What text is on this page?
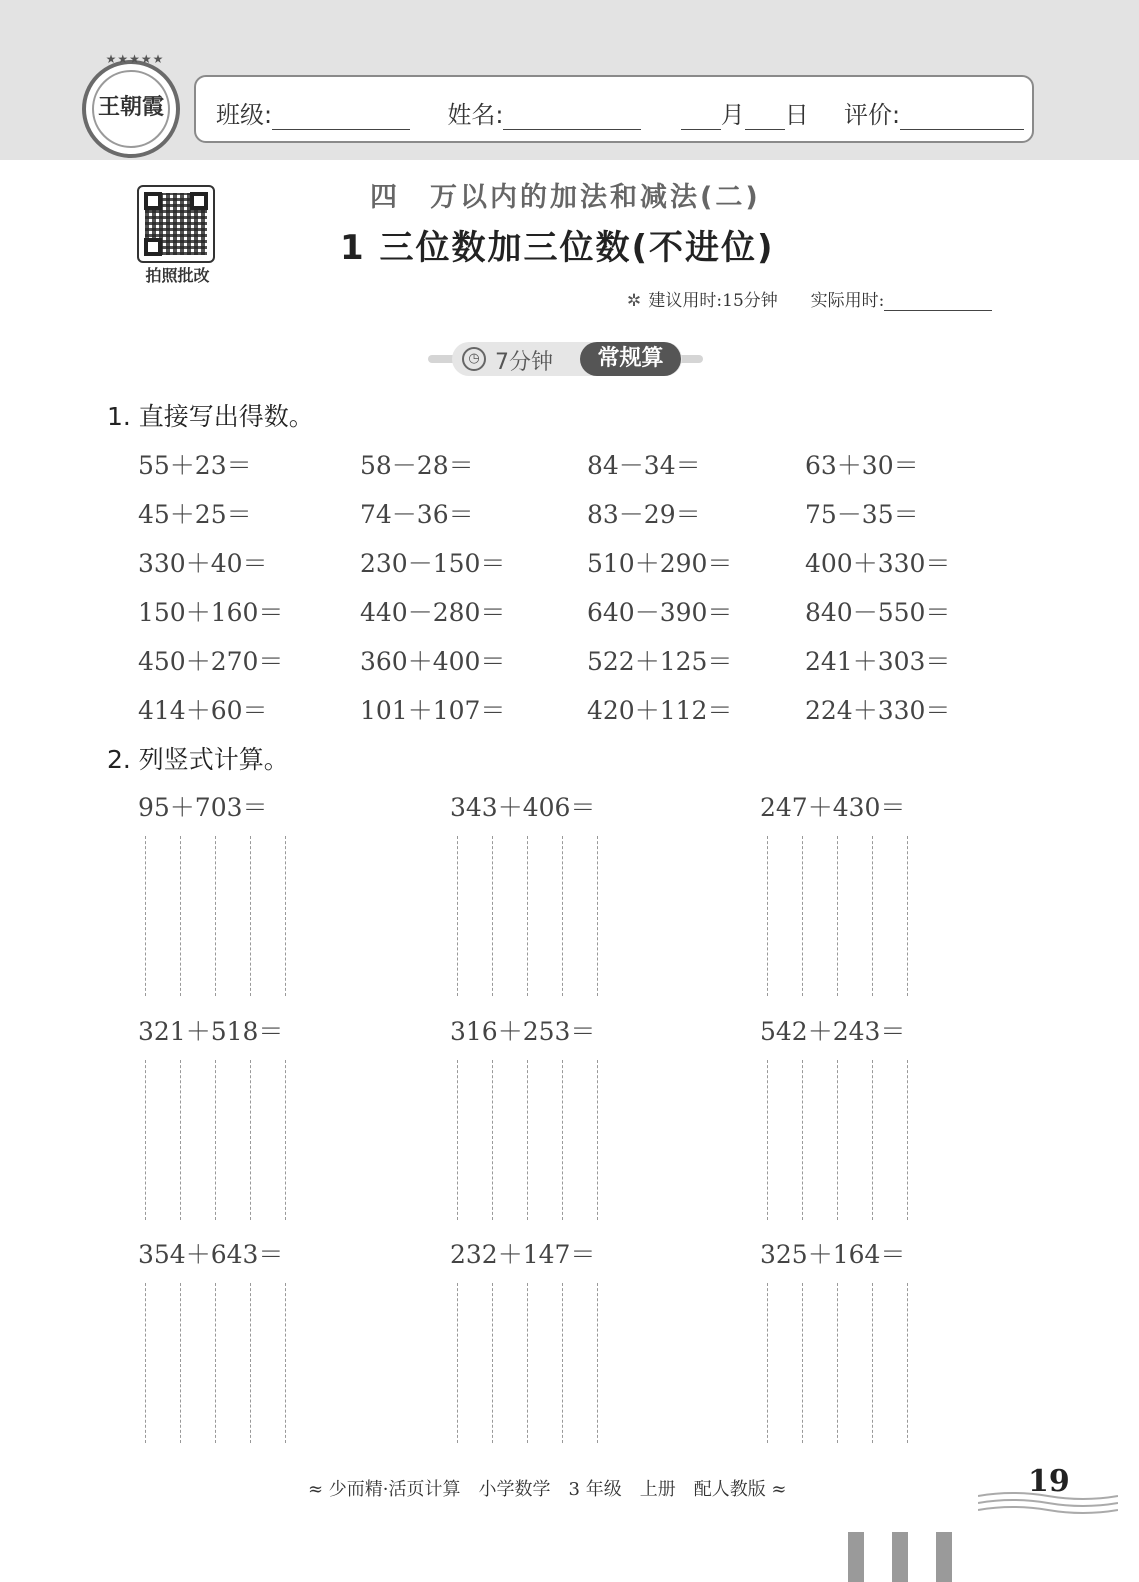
★★★★★
王朝霞	班级:	姓名:	月 日 评价:
拍照批改
四　万以内的加法和减法(二)
1 三位数加三位数(不进位)
✲ 建议用时:15分钟 实际用时:
◷ 7分钟	常规算
1. 直接写出得数。
2. 列竖式计算。
55＋23＝	58－28＝	84－34＝	63＋30＝
45＋25＝	74－36＝	83－29＝	75－35＝
330＋40＝	230－150＝	510＋290＝	400＋330＝
150＋160＝	440－280＝	640－390＝	840－550＝
450＋270＝	360＋400＝	522＋125＝	241＋303＝
414＋60＝	101＋107＝	420＋112＝	224＋330＝
95＋703＝	343＋406＝	247＋430＝
321＋518＝	316＋253＝	542＋243＝
354＋643＝	232＋147＝	325＋164＝
≈ 少而精·活页计算　小学数学　3 年级　上册　配人教版 ≈	19
